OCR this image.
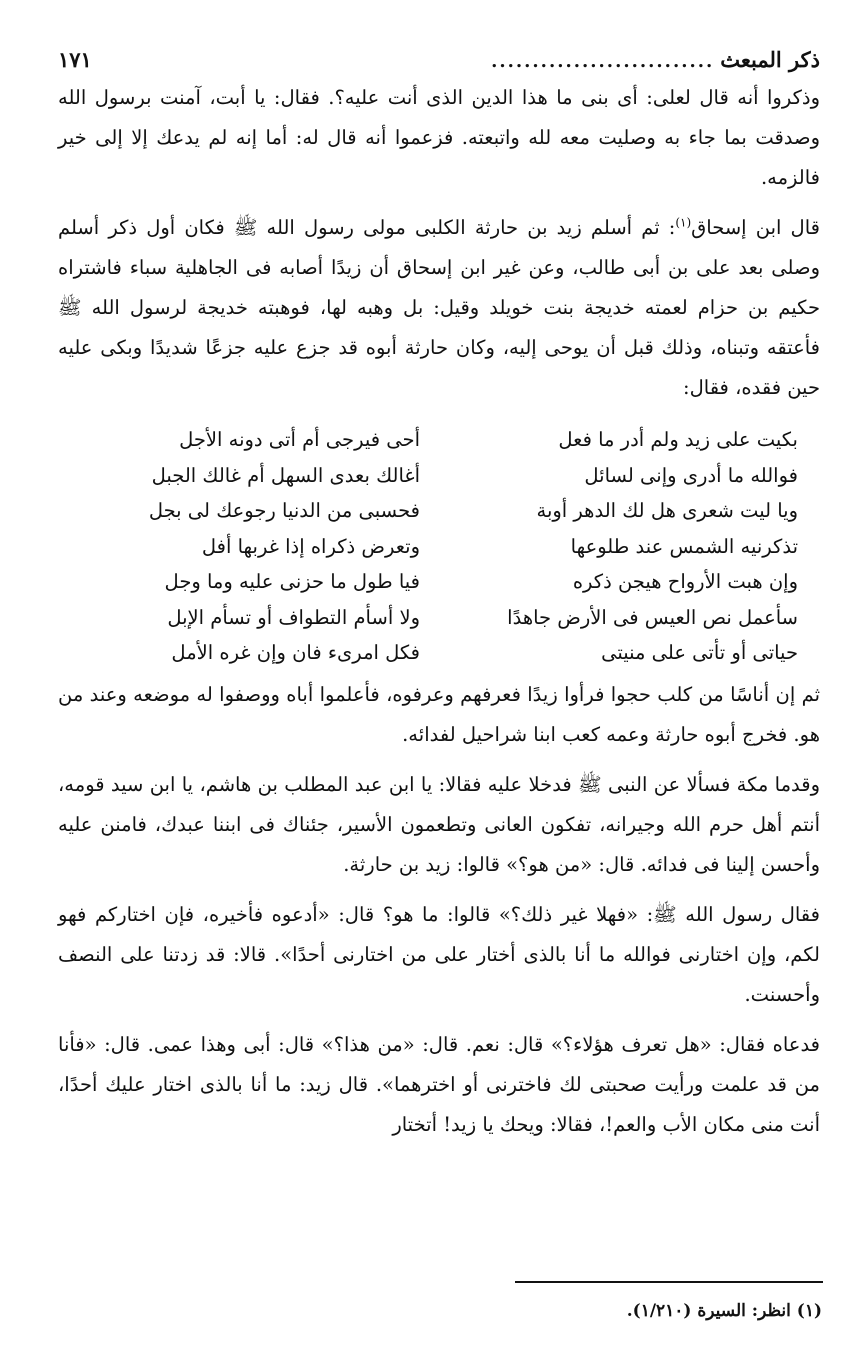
ذكر المبعث
...........................
١٧١

وذكروا أنه قال لعلى: أى بنى ما هذا الدين الذى أنت عليه؟. فقال: يا أبت، آمنت برسول الله وصدقت بما جاء به وصليت معه لله واتبعته. فزعموا أنه قال له: أما إنه لم يدعك إلا إلى خير فالزمه.

قال ابن إسحاق$^{(١)}$: ثم أسلم زيد بن حارثة الكلبى مولى رسول الله ﷺ فكان أول ذكر أسلم وصلى بعد على بن أبى طالب، وعن غير ابن إسحاق أن زيدًا أصابه فى الجاهلية سباء فاشتراه حكيم بن حزام لعمته خديجة بنت خويلد وقيل: بل وهبه لها، فوهبته خديجة لرسول الله ﷺ فأعتقه وتبناه، وذلك قبل أن يوحى إليه، وكان حارثة أبوه قد جزع عليه جزعًا شديدًا وبكى عليه حين فقده، فقال:

بكيت على زيد ولم أدر ما فعل
أحى فيرجى أم أتى دونه الأجل
فوالله ما أدرى وإنى لسائل
أغالك بعدى السهل أم غالك الجبل
ويا ليت شعرى هل لك الدهر أوبة
فحسبى من الدنيا رجوعك لى بجل
تذكرنيه الشمس عند طلوعها
وتعرض ذكراه إذا غربها أفل
وإن هبت الأرواح هيجن ذكره
فيا طول ما حزنى عليه وما وجل
سأعمل نص العيس فى الأرض جاهدًا
ولا أسأم التطواف أو تسأم الإبل
حياتى أو تأتى على منيتى
فكل امرىء فان وإن غره الأمل

ثم إن أناسًا من كلب حجوا فرأوا زيدًا فعرفهم وعرفوه، فأعلموا أباه ووصفوا له موضعه وعند من هو. فخرج أبوه حارثة وعمه كعب ابنا شراحيل لفدائه.

وقدما مكة فسألا عن النبى ﷺ فدخلا عليه فقالا: يا ابن عبد المطلب بن هاشم، يا ابن سيد قومه، أنتم أهل حرم الله وجيرانه، تفكون العانى وتطعمون الأسير، جئناك فى ابننا عبدك، فامنن عليه وأحسن إلينا فى فدائه. قال: «من هو؟» قالوا: زيد بن حارثة.

فقال رسول الله ﷺ: «فهلا غير ذلك؟» قالوا: ما هو؟ قال: «أدعوه فأخيره، فإن اختاركم فهو لكم، وإن اختارنى فوالله ما أنا بالذى أختار على من اختارنى أحدًا». قالا: قد زدتنا على النصف وأحسنت.

فدعاه فقال: «هل تعرف هؤلاء؟» قال: نعم. قال: «من هذا؟» قال: أبى وهذا عمى. قال: «فأنا من قد علمت ورأيت صحبتى لك فاخترنى أو اخترهما». قال زيد: ما أنا بالذى اختار عليك أحدًا، أنت منى مكان الأب والعم!، فقالا: ويحك يا زيد! أتختار

(١) انظر: السيرة (١/٢١٠).
